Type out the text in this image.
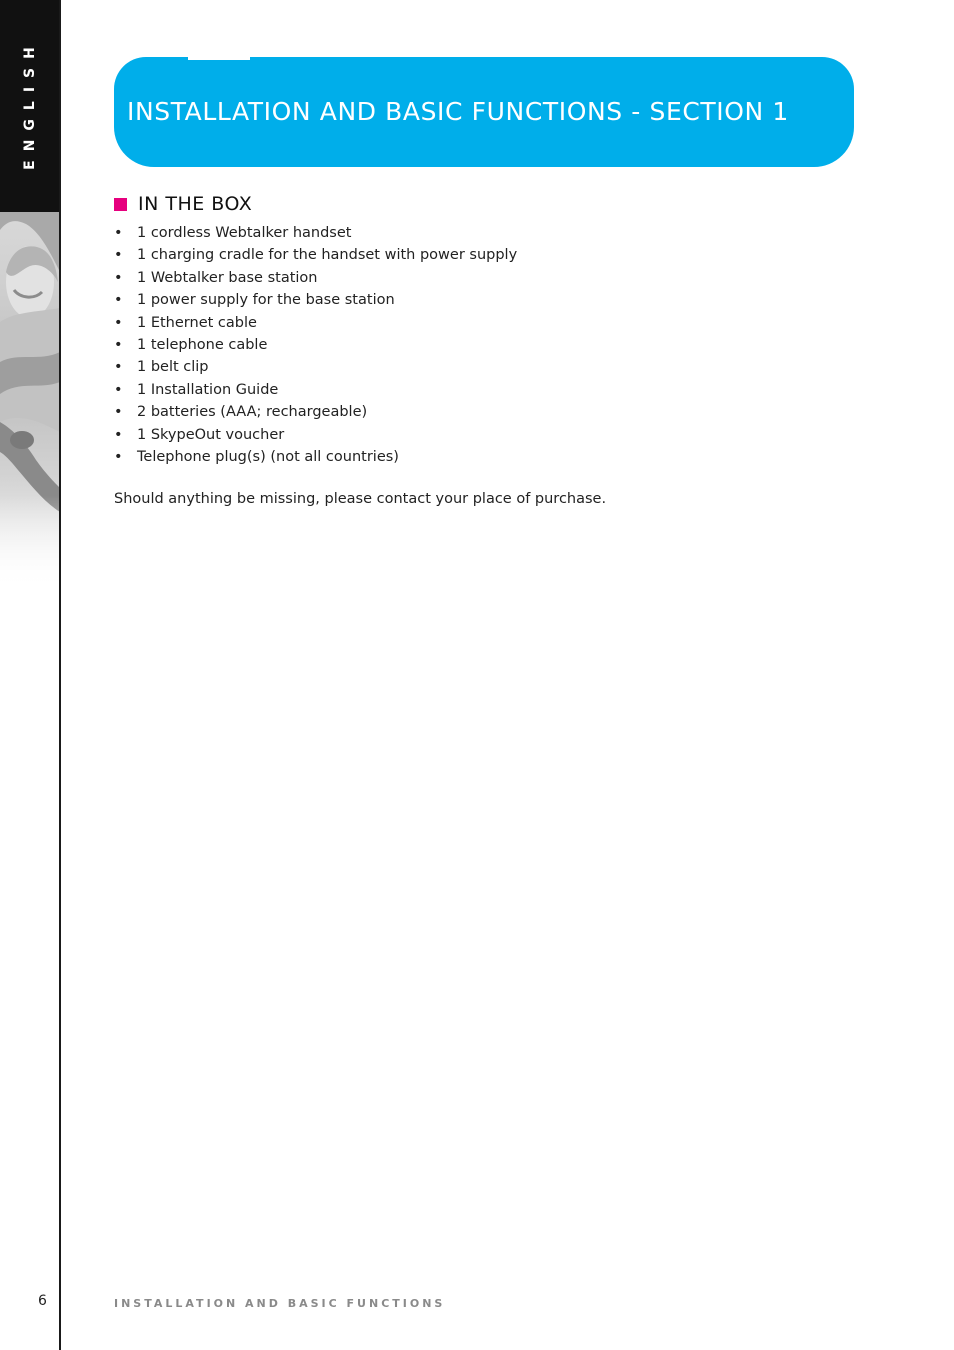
ENGLISH	INSTALLATION AND BASIC FUNCTIONS - SECTION 1
IN THE BOX
• 1 cordless Webtalker handset
• 1 charging cradle for the handset with power supply
• 1 Webtalker base station
• 1 power supply for the base station
• 1 Ethernet cable
• 1 telephone cable
• 1 belt clip
• 1 Installation Guide
• 2 batteries (AAA; rechargeable)
• 1 SkypeOut voucher
• Telephone plug(s) (not all countries)
Should anything be missing, please contact your place of purchase.
6	INSTALLATION AND BASIC FUNCTIONS
